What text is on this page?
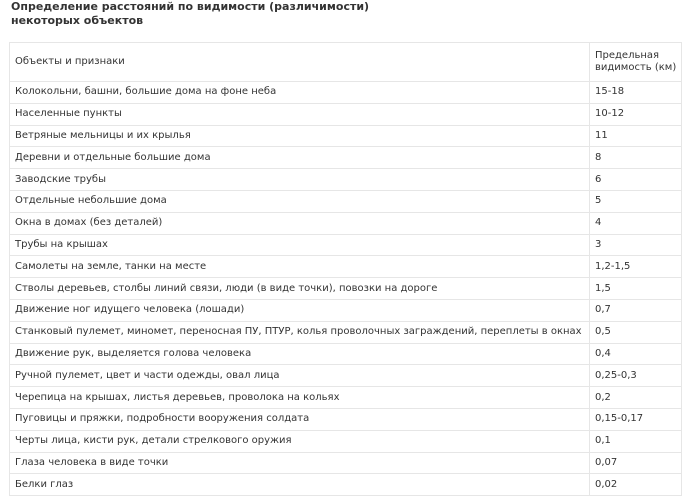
Определение расстояний по видимости (различимости)
некоторых объектов
Объекты и признаки	Предельная
видимость (км)
Колокольни, башни, большие дома на фоне неба	15-18
Населенные пункты	10-12
Ветряные мельницы и их крылья	11
Деревни и отдельные большие дома	8
Заводские трубы	6
Отдельные небольшие дома	5
Окна в домах (без деталей)	4
Трубы на крышах	3
Самолеты на земле, танки на месте	1,2-1,5
Стволы деревьев, столбы линий связи, люди (в виде точки), повозки на дороге	1,5
Движение ног идущего человека (лошади)	0,7
Станковый пулемет, миномет, переносная ПУ, ПТУР, колья проволочных заграждений, переплеты в окнах	0,5
Движение рук, выделяется голова человека	0,4
Ручной пулемет, цвет и части одежды, овал лица	0,25-0,3
Черепица на крышах, листья деревьев, проволока на кольях	0,2
Пуговицы и пряжки, подробности вооружения солдата	0,15-0,17
Черты лица, кисти рук, детали стрелкового оружия	0,1
Глаза человека в виде точки	0,07
Белки глаз	0,02
